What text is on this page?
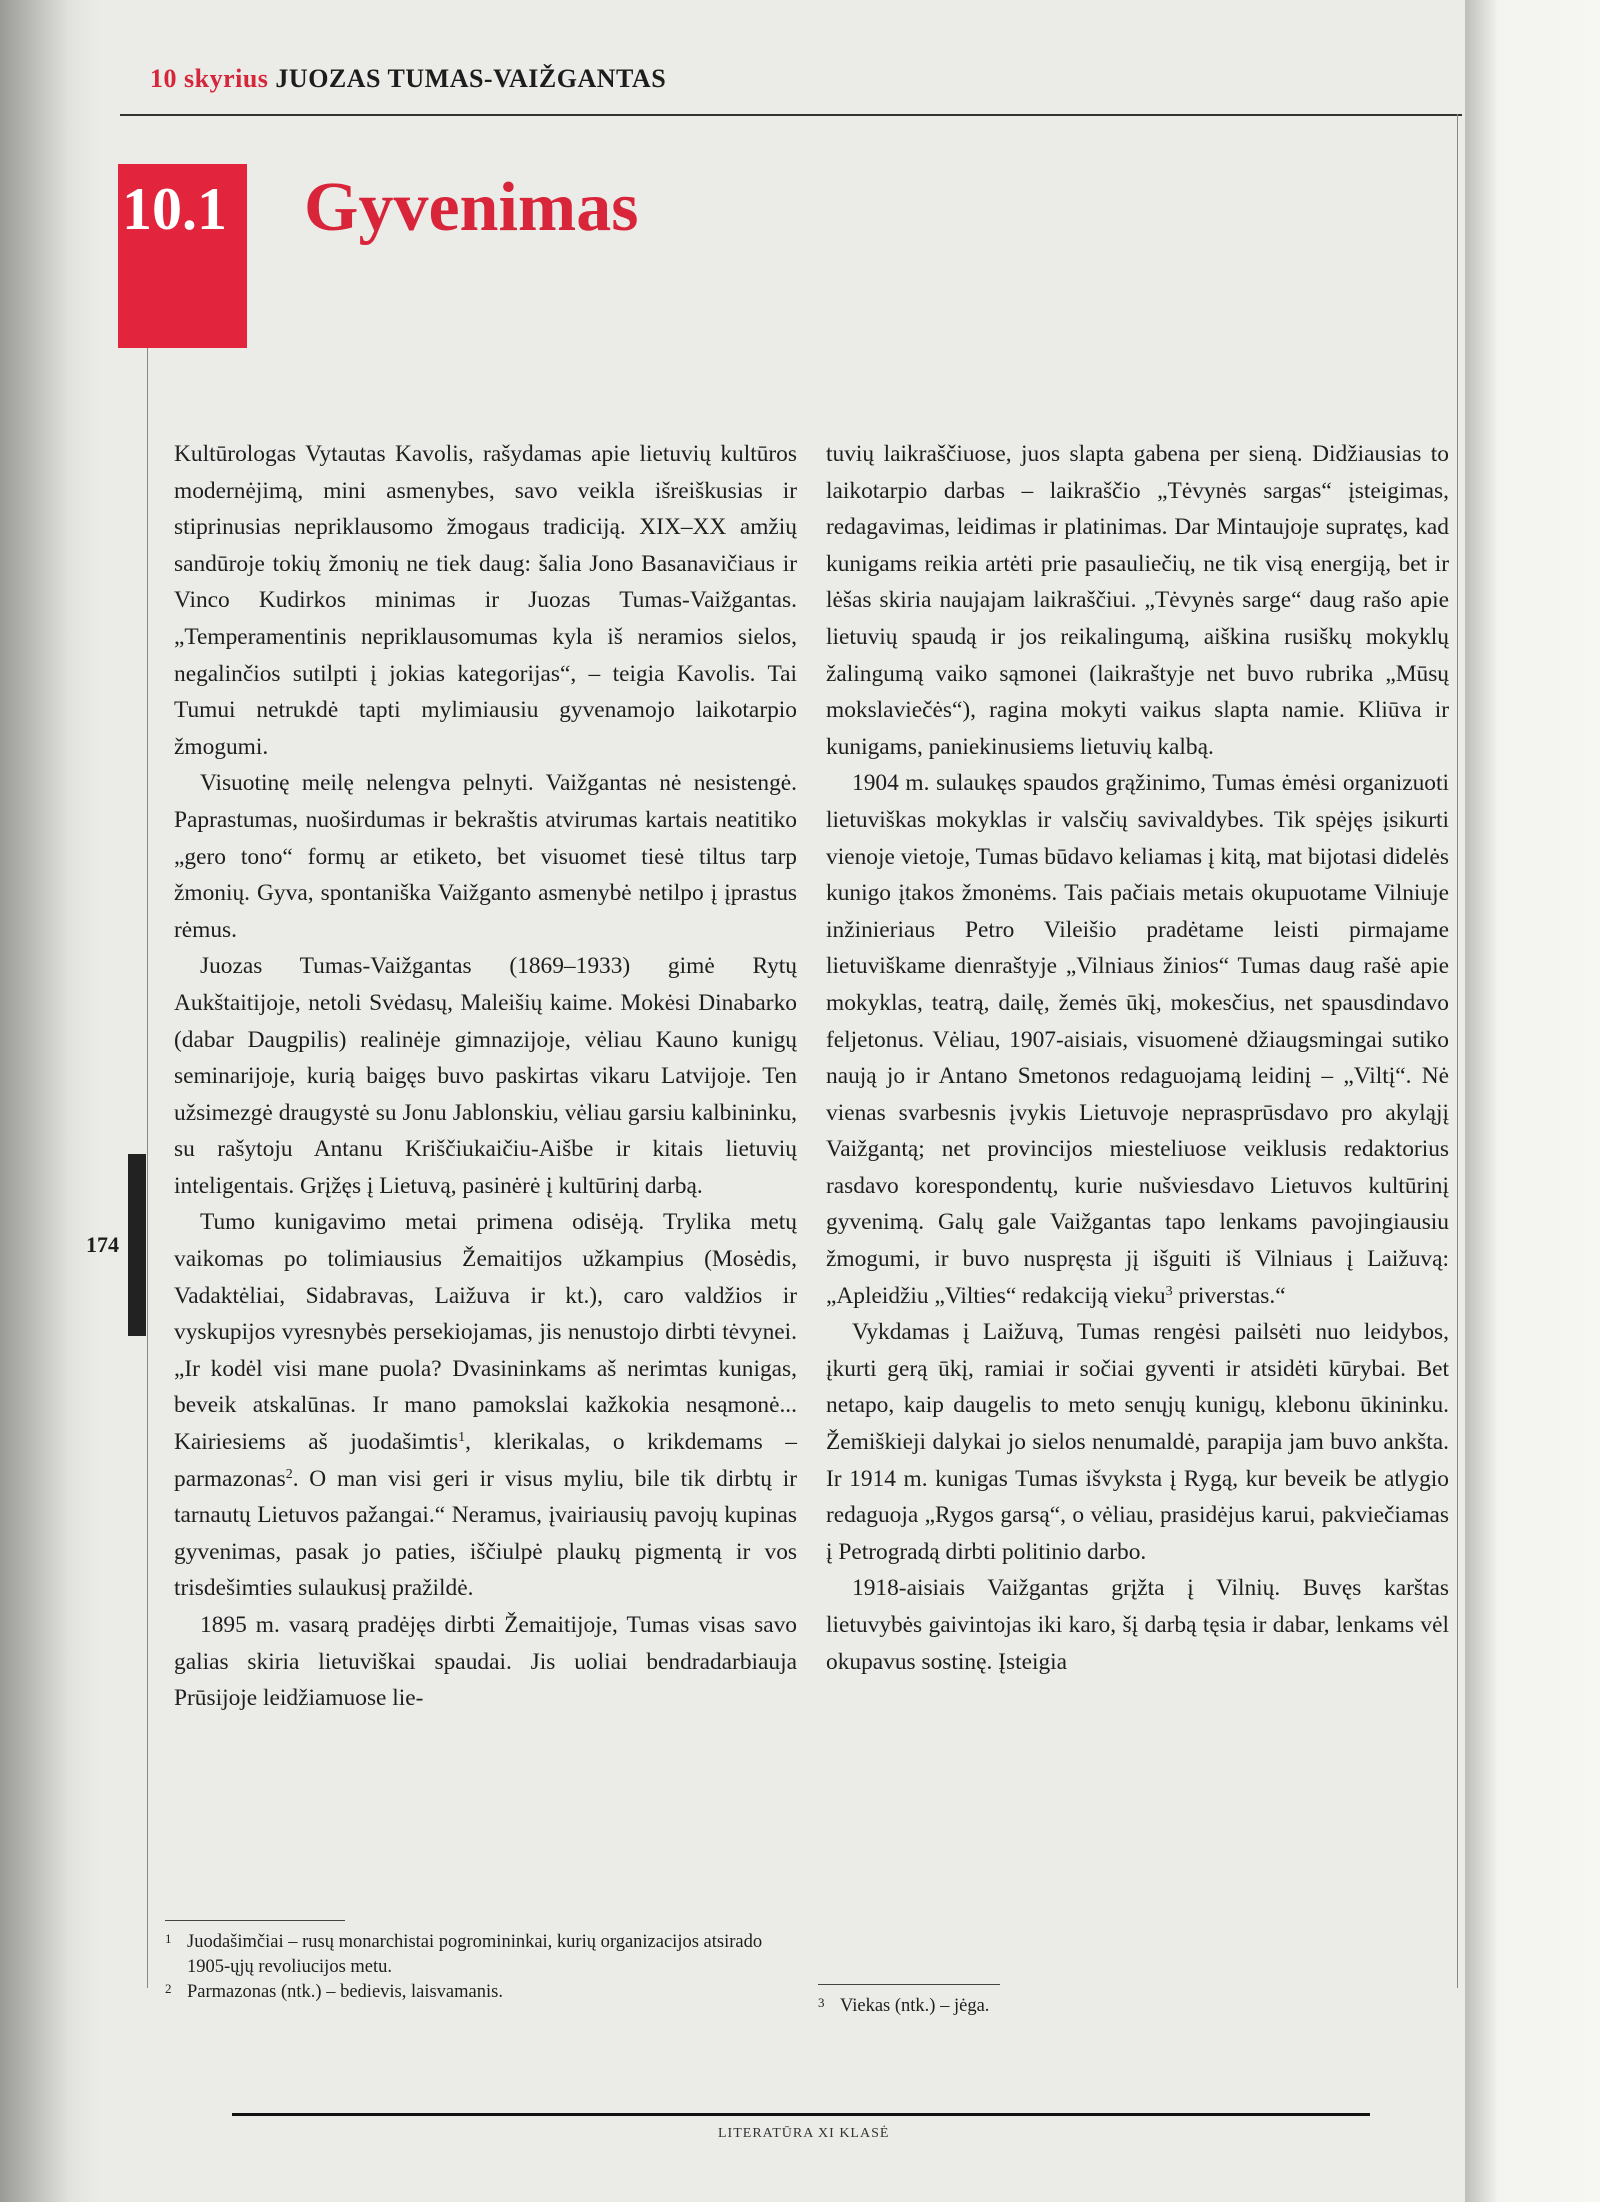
10 skyrius JUOZAS TUMAS-VAIŽGANTAS
10.1 Gyvenimas
174

Kultūrologas Vytautas Kavolis, rašydamas apie lietuvių kultūros modernėjimą, mini asmenybes, savo veikla išreiškusias ir stiprinusias nepriklausomo žmogaus tradiciją. XIX–XX amžių sandūroje tokių žmonių ne tiek daug: šalia Jono Basanavičiaus ir Vinco Kudirkos minimas ir Juozas Tumas-Vaižgantas. „Temperamentinis nepriklausomumas kyla iš neramios sielos, negalinčios sutilpti į jokias kategorijas“, – teigia Kavolis. Tai Tumui netrukdė tapti mylimiausiu gyvenamojo laikotarpio žmogumi.

Visuotinę meilę nelengva pelnyti. Vaižgantas nė nesistengė. Paprastumas, nuoširdumas ir bekraštis atvirumas kartais neatitiko „gero tono“ formų ar etiketo, bet visuomet tiesė tiltus tarp žmonių. Gyva, spontaniška Vaižganto asmenybė netilpo į įprastus rėmus.

Juozas Tumas-Vaižgantas (1869–1933) gimė Rytų Aukštaitijoje, netoli Svėdasų, Maleišių kaime. Mokėsi Dinabarko (dabar Daugpilis) realinėje gimnazijoje, vėliau Kauno kunigų seminarijoje, kurią baigęs buvo paskirtas vikaru Latvijoje. Ten užsimezgė draugystė su Jonu Jablonskiu, vėliau garsiu kalbininku, su rašytoju Antanu Kriščiukaičiu-Aišbe ir kitais lietuvių inteligentais. Grįžęs į Lietuvą, pasinėrė į kultūrinį darbą.

Tumo kunigavimo metai primena odisėją. Trylika metų vaikomas po tolimiausius Žemaitijos užkampius (Mosėdis, Vadaktėliai, Sidabravas, Laižuva ir kt.), caro valdžios ir vyskupijos vyresnybės persekiojamas, jis nenustojo dirbti tėvynei. „Ir kodėl visi mane puola? Dvasininkams aš nerimtas kunigas, beveik atskalūnas. Ir mano pamokslai kažkokia nesąmonė... Kairiesiems aš juodašimtis$^1$, klerikalas, o krikdemams – parmazonas$^2$. O man visi geri ir visus myliu, bile tik dirbtų ir tarnautų Lietuvos pažangai.“ Neramus, įvairiausių pavojų kupinas gyvenimas, pasak jo paties, iščiulpė plaukų pigmentą ir vos trisdešimties sulaukusį pražildė.

1895 m. vasarą pradėjęs dirbti Žemaitijoje, Tumas visas savo galias skiria lietuviškai spaudai. Jis uoliai bendradarbiauja Prūsijoje leidžiamuose lie-

tuvių laikraščiuose, juos slapta gabena per sieną. Didžiausias to laikotarpio darbas – laikraščio „Tėvynės sargas“ įsteigimas, redagavimas, leidimas ir platinimas. Dar Mintaujoje supratęs, kad kunigams reikia artėti prie pasauliečių, ne tik visą energiją, bet ir lėšas skiria naujajam laikraščiui. „Tėvynės sarge“ daug rašo apie lietuvių spaudą ir jos reikalingumą, aiškina rusiškų mokyklų žalingumą vaiko sąmonei (laikraštyje net buvo rubrika „Mūsų mokslaviečės“), ragina mokyti vaikus slapta namie. Kliūva ir kunigams, paniekinusiems lietuvių kalbą.

1904 m. sulaukęs spaudos grąžinimo, Tumas ėmėsi organizuoti lietuviškas mokyklas ir valsčių savivaldybes. Tik spėjęs įsikurti vienoje vietoje, Tumas būdavo keliamas į kitą, mat bijotasi didelės kunigo įtakos žmonėms. Tais pačiais metais okupuotame Vilniuje inžinieriaus Petro Vileišio pradėtame leisti pirmajame lietuviškame dienraštyje „Vilniaus žinios“ Tumas daug rašė apie mokyklas, teatrą, dailę, žemės ūkį, mokesčius, net spausdindavo feljetonus. Vėliau, 1907-aisiais, visuomenė džiaugsmingai sutiko naują jo ir Antano Smetonos redaguojamą leidinį – „Viltį“. Nė vienas svarbesnis įvykis Lietuvoje neprasprūsdavo pro akyląjį Vaižgantą; net provincijos miesteliuose veiklusis redaktorius rasdavo korespondentų, kurie nušviesdavo Lietuvos kultūrinį gyvenimą. Galų gale Vaižgantas tapo lenkams pavojingiausiu žmogumi, ir buvo nuspręsta jį išguiti iš Vilniaus į Laižuvą: „Apleidžiu „Vilties“ redakciją vieku$^3$ priverstas.“

Vykdamas į Laižuvą, Tumas rengėsi pailsėti nuo leidybos, įkurti gerą ūkį, ramiai ir sočiai gyventi ir atsidėti kūrybai. Bet netapo, kaip daugelis to meto senųjų kunigų, klebonu ūkininku. Žemiškieji dalykai jo sielos nenumaldė, parapija jam buvo ankšta. Ir 1914 m. kunigas Tumas išvyksta į Rygą, kur beveik be atlygio redaguoja „Rygos garsą“, o vėliau, prasidėjus karui, pakviečiamas į Petrogradą dirbti politinio darbo.

1918-aisiais Vaižgantas grįžta į Vilnių. Buvęs karštas lietuvybės gaivintojas iki karo, šį darbą tęsia ir dabar, lenkams vėl okupavus sostinę. Įsteigia

1 Juodašimčiai – rusų monarchistai pogromininkai, kurių organizacijos atsirado 1905-ųjų revoliucijos metu.

2 Parmazonas (ntk.) – bedievis, laisvamanis.

3 Viekas (ntk.) – jėga.

LITERATŪRA XI KLASĖ
